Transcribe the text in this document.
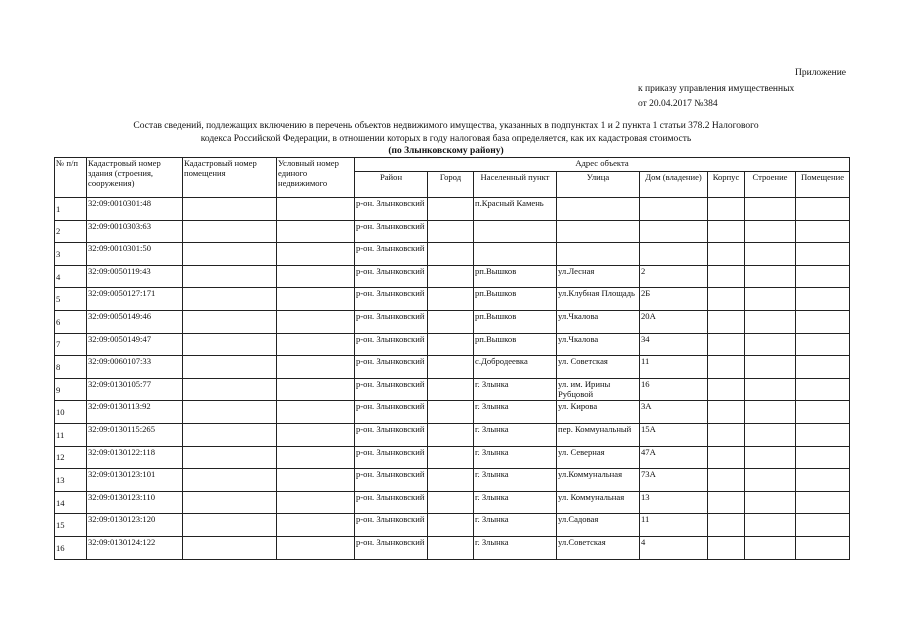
Приложение
к приказу управления имущественных
от 20.04.2017 №384
Состав сведений, подлежащих включению в перечень объектов недвижимого имущества, указанных в подпунктах 1 и 2 пункта 1 статьи 378.2 Налогового
кодекса Российской Федерации, в отношении которых в году налоговая база определяется, как их кадастровая стоимость
(по Злынковскому району)
№ п/п	Кадастровый номер здания (строения, сооружения)	Кадастровый номер помещения	Условный номер единого недвижимого	Адрес объекта							
				Район	Город	Населенный пункт	Улица	Дом (владение)	Корпус	Строение	Помещение
1	32:09:0010301:48			р-он. Злынковский		п.Красный Камень					
2	32:09:0010303:63			р-он. Злынковский							
3	32:09:0010301:50			р-он. Злынковский							
4	32:09:0050119:43			р-он. Злынковский		рп.Вышков	ул.Лесная	2			
5	32:09:0050127:171			р-он. Злынковский		рп.Вышков	ул.Клубная Площадь	2Б			
6	32:09:0050149:46			р-он. Злынковский		рп.Вышков	ул.Чкалова	20А			
7	32:09:0050149:47			р-он. Злынковский		рп.Вышков	ул.Чкалова	34			
8	32:09:0060107:33			р-он. Злынковский		с.Добродеевка	ул. Советская	11			
9	32:09:0130105:77			р-он. Злынковский		г. Злынка	ул. им. Ирины Рубцовой	16			
10	32:09:0130113:92			р-он. Злынковский		г. Злынка	ул. Кирова	3А			
11	32:09:0130115:265			р-он. Злынковский		г. Злынка	пер. Коммунальный	15А			
12	32:09:0130122:118			р-он. Злынковский		г. Злынка	ул. Северная	47А			
13	32:09:0130123:101			р-он. Злынковский		г. Злынка	ул.Коммунальная	73А			
14	32:09:0130123:110			р-он. Злынковский		г. Злынка	ул. Коммунальная	13			
15	32:09:0130123:120			р-он. Злынковский		г. Злынка	ул.Садовая	11			
16	32:09:0130124:122			р-он. Злынковский		г. Злынка	ул.Советская	4			
